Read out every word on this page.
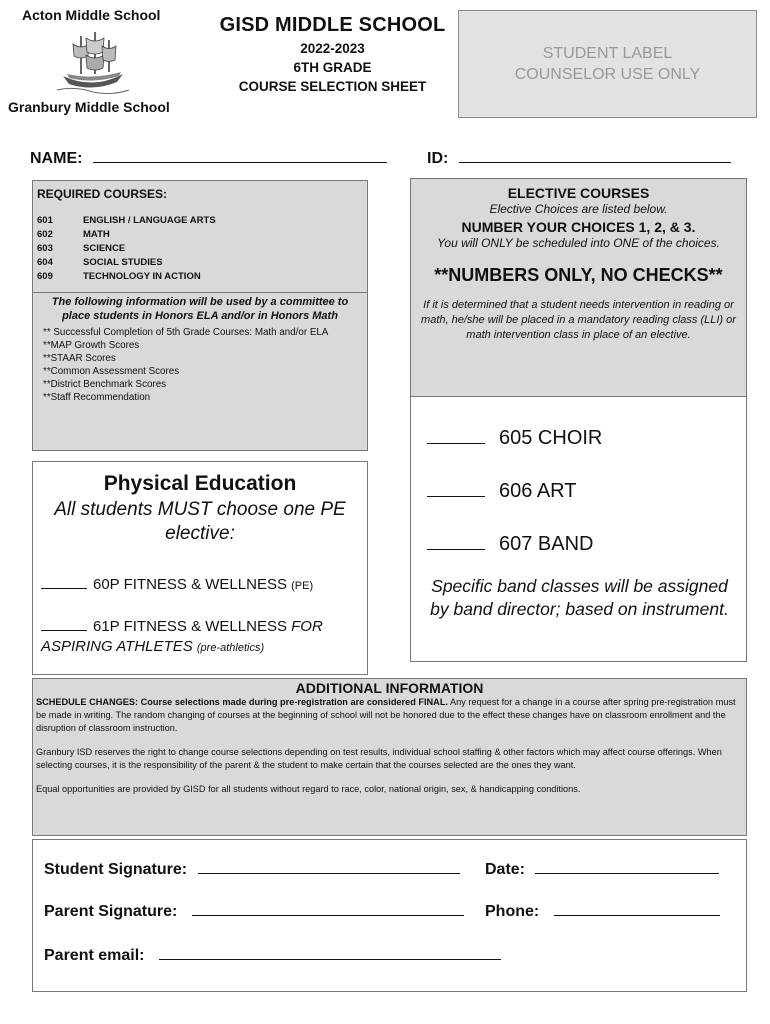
Acton Middle School
Granbury Middle School
GISD MIDDLE SCHOOL
2022-2023
6TH GRADE
COURSE SELECTION SHEET
STUDENT LABEL
COUNSELOR USE ONLY
NAME:	ID:
REQUIRED COURSES:
601	ENGLISH / LANGUAGE ARTS
602	MATH
603	SCIENCE
604	SOCIAL STUDIES
609	TECHNOLOGY IN ACTION
The following information will be used by a committee to place students in Honors ELA and/or in Honors Math
** Successful Completion of 5th Grade Courses: Math and/or ELA
**MAP Growth Scores
**STAAR Scores
**Common Assessment Scores
**District Benchmark Scores
**Staff Recommendation
Physical Education
All students MUST choose one PE elective:
60P FITNESS & WELLNESS (PE)
61P FITNESS & WELLNESS FOR ASPIRING ATHLETES (pre-athletics)
ELECTIVE COURSES
Elective Choices are listed below.
NUMBER YOUR CHOICES 1, 2, & 3.
You will ONLY be scheduled into ONE of the choices.
**NUMBERS ONLY, NO CHECKS**
If it is determined that a student needs intervention in reading or math, he/she will be placed in a mandatory reading class (LLI) or math intervention class in place of an elective.
605 CHOIR
606 ART
607 BAND
Specific band classes will be assigned by band director; based on instrument.
ADDITIONAL INFORMATION

SCHEDULE CHANGES: Course selections made during pre-registration are considered FINAL. Any request for a change in a course after spring pre-registration must be made in writing. The random changing of courses at the beginning of school will not be honored due to the effect these changes have on classroom enrollment and the disruption of classroom instruction.

Granbury ISD reserves the right to change course selections depending on test results, individual school staffing & other factors which may affect course offerings. When selecting courses, it is the responsibility of the parent & the student to make certain that the courses selected are the ones they want.

Equal opportunities are provided by GISD for all students without regard to race, color, national origin, sex, & handicapping conditions.

Student Signature:	Date:
Parent Signature:	Phone:
Parent email:
